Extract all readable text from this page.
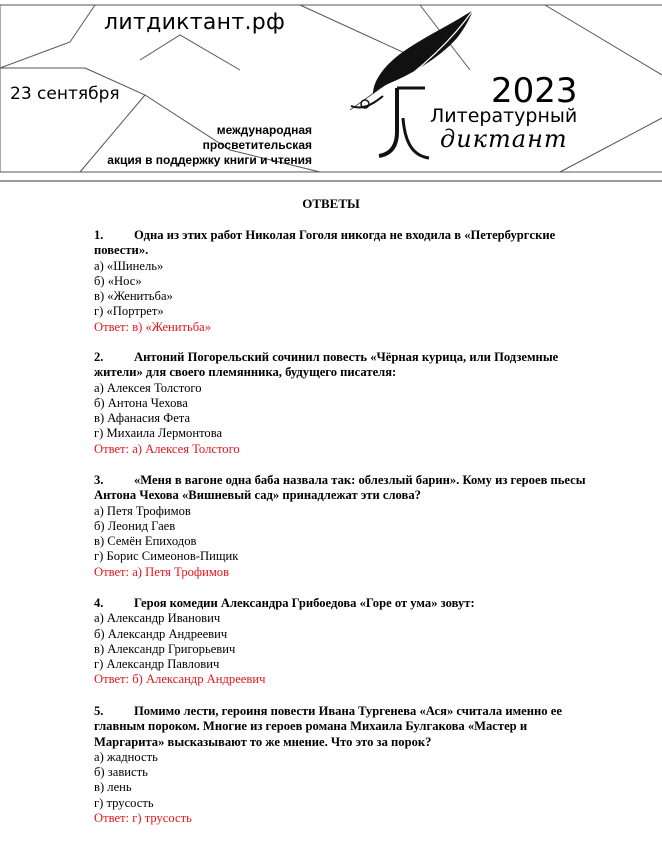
литдиктант.рф
23 сентября
международная
просветительская
акция в поддержку книги и чтения
2023
Литературный
диктант
ОТВЕТЫ
1. Одна из этих работ Николая Гоголя никогда не входила в «Петербургские
повести».
а) «Шинель»
б) «Нос»
в) «Женитьба»
г) «Портрет»
Ответ: в) «Женитьба»
2. Антоний Погорельский сочинил повесть «Чёрная курица, или Подземные
жители» для своего племянника, будущего писателя:
а) Алексея Толстого
б) Антона Чехова
в) Афанасия Фета
г) Михаила Лермонтова
Ответ: а) Алексея Толстого
3. «Меня в вагоне одна баба назвала так: облезлый барин». Кому из героев пьесы
Антона Чехова «Вишневый сад» принадлежат эти слова?
а) Петя Трофимов
б) Леонид Гаев
в) Семён Епиходов
г) Борис Симеонов-Пищик
Ответ: а) Петя Трофимов
4. Героя комедии Александра Грибоедова «Горе от ума» зовут:
а) Александр Иванович
б) Александр Андреевич
в) Александр Григорьевич
г) Александр Павлович
Ответ: б) Александр Андреевич
5. Помимо лести, героиня повести Ивана Тургенева «Ася» считала именно ее
главным пороком. Многие из героев романа Михаила Булгакова «Мастер и
Маргарита» высказывают то же мнение. Что это за порок?
а) жадность
б) зависть
в) лень
г) трусость
Ответ: г) трусость
